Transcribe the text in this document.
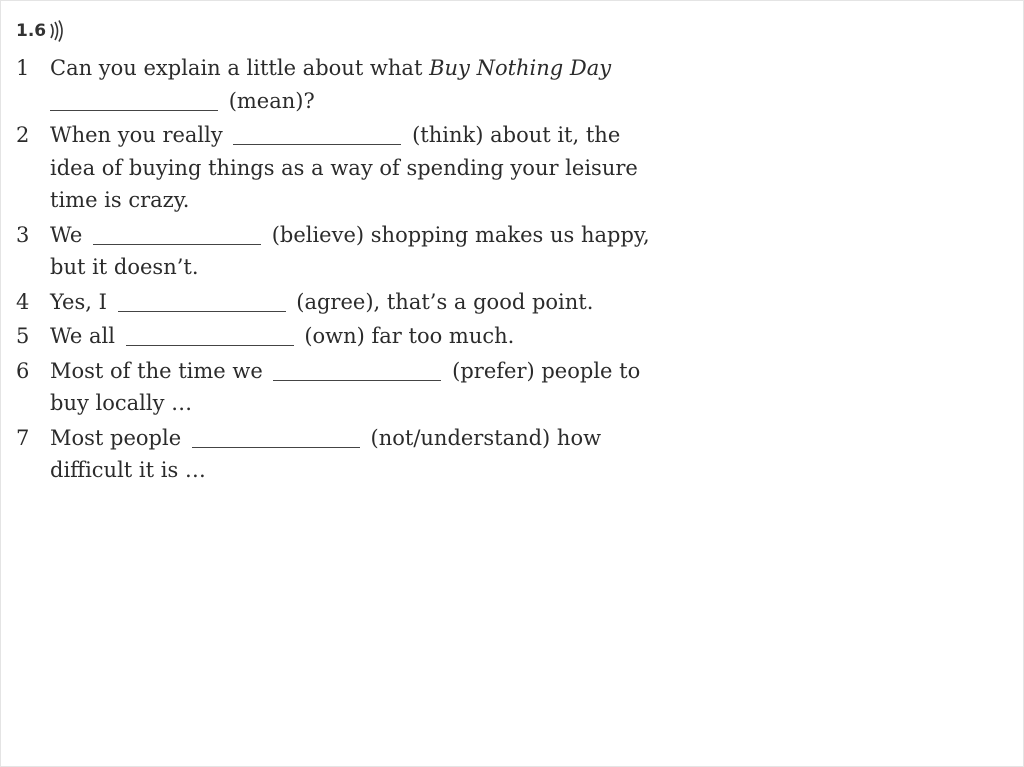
1.6
1 Can you explain a little about what Buy Nothing Day
(mean)?
2 When you really	(think) about it, the
idea of buying things as a way of spending your leisure
time is crazy.
3 We	(believe) shopping makes us happy,
but it doesn’t.
4 Yes, I	(agree), that’s a good point.
5 We all	(own) far too much.
6 Most of the time we	(prefer) people to
buy locally …
7 Most people	(not/understand) how
difficult it is …
